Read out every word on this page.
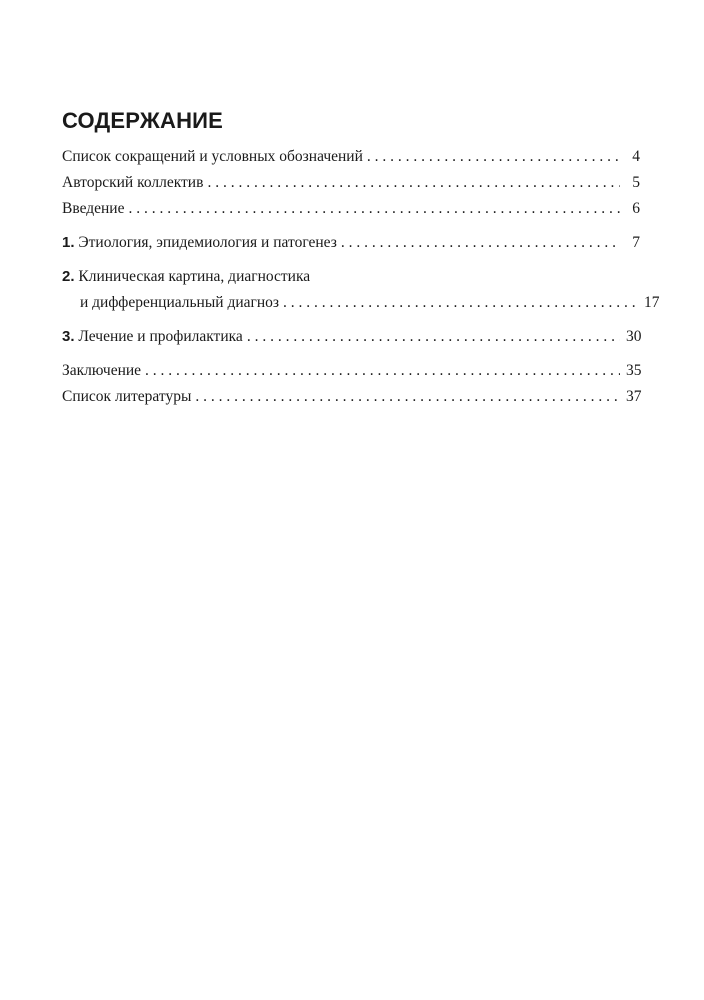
СОДЕРЖАНИЕ
Список сокращений и условных обозначений . . .	4
Авторский коллектив . . .	5
Введение . . .	6
1. Этиология, эпидемиология и патогенез . . .	7
2. Клиническая картина, диагностика
и дифференциальный диагноз . . .	17
3. Лечение и профилактика . . .	30
Заключение . . .	35
Список литературы . . .	37
